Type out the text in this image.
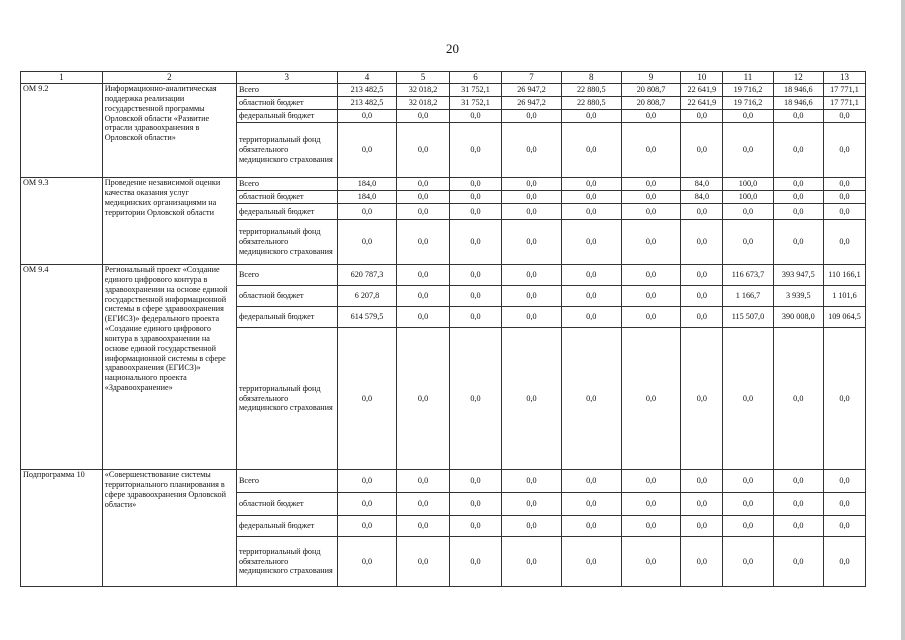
20
1	2	3	4	5	6	7	8	9	10	11	12	13
ОМ 9.2	Информационно-аналитическая поддержка реализации государственной программы Орловской области «Развитие отрасли здравоохранения в Орловской области»	Всего	213 482,5	32 018,2	31 752,1	26 947,2	22 880,5	20 808,7	22 641,9	19 716,2	18 946,6	17 771,1
		областной бюджет	213 482,5	32 018,2	31 752,1	26 947,2	22 880,5	20 808,7	22 641,9	19 716,2	18 946,6	17 771,1
		федеральный бюджет	0,0	0,0	0,0	0,0	0,0	0,0	0,0	0,0	0,0	0,0
		территориальный фонд обязательного медицинского страхования	0,0	0,0	0,0	0,0	0,0	0,0	0,0	0,0	0,0	0,0
ОМ 9.3	Проведение независимой оценки качества оказания услуг медицинских организациями на территории Орловской области	Всего	184,0	0,0	0,0	0,0	0,0	0,0	84,0	100,0	0,0	0,0
		областной бюджет	184,0	0,0	0,0	0,0	0,0	0,0	84,0	100,0	0,0	0,0
		федеральный бюджет	0,0	0,0	0,0	0,0	0,0	0,0	0,0	0,0	0,0	0,0
		территориальный фонд обязательного медицинского страхования	0,0	0,0	0,0	0,0	0,0	0,0	0,0	0,0	0,0	0,0
ОМ 9.4	Региональный проект «Создание единого цифрового контура в здравоохранении на основе единой государственной информационной системы в сфере здравоохранения (ЕГИСЗ)» федерального проекта «Создание единого цифрового контура в здравоохранении на основе единой государственной информационной системы в сфере здравоохранения (ЕГИСЗ)» национального проекта «Здравоохранение»	Всего	620 787,3	0,0	0,0	0,0	0,0	0,0	0,0	116 673,7	393 947,5	110 166,1
		областной бюджет	6 207,8	0,0	0,0	0,0	0,0	0,0	0,0	1 166,7	3 939,5	1 101,6
		федеральный бюджет	614 579,5	0,0	0,0	0,0	0,0	0,0	0,0	115 507,0	390 008,0	109 064,5
		территориальный фонд обязательного медицинского страхования	0,0	0,0	0,0	0,0	0,0	0,0	0,0	0,0	0,0	0,0
Подпрограмма 10	«Совершенствование системы территориального планирования в сфере здравоохранения Орловской области»	Всего	0,0	0,0	0,0	0,0	0,0	0,0	0,0	0,0	0,0	0,0
		областной бюджет	0,0	0,0	0,0	0,0	0,0	0,0	0,0	0,0	0,0	0,0
		федеральный бюджет	0,0	0,0	0,0	0,0	0,0	0,0	0,0	0,0	0,0	0,0
		территориальный фонд обязательного медицинского страхования	0,0	0,0	0,0	0,0	0,0	0,0	0,0	0,0	0,0	0,0
